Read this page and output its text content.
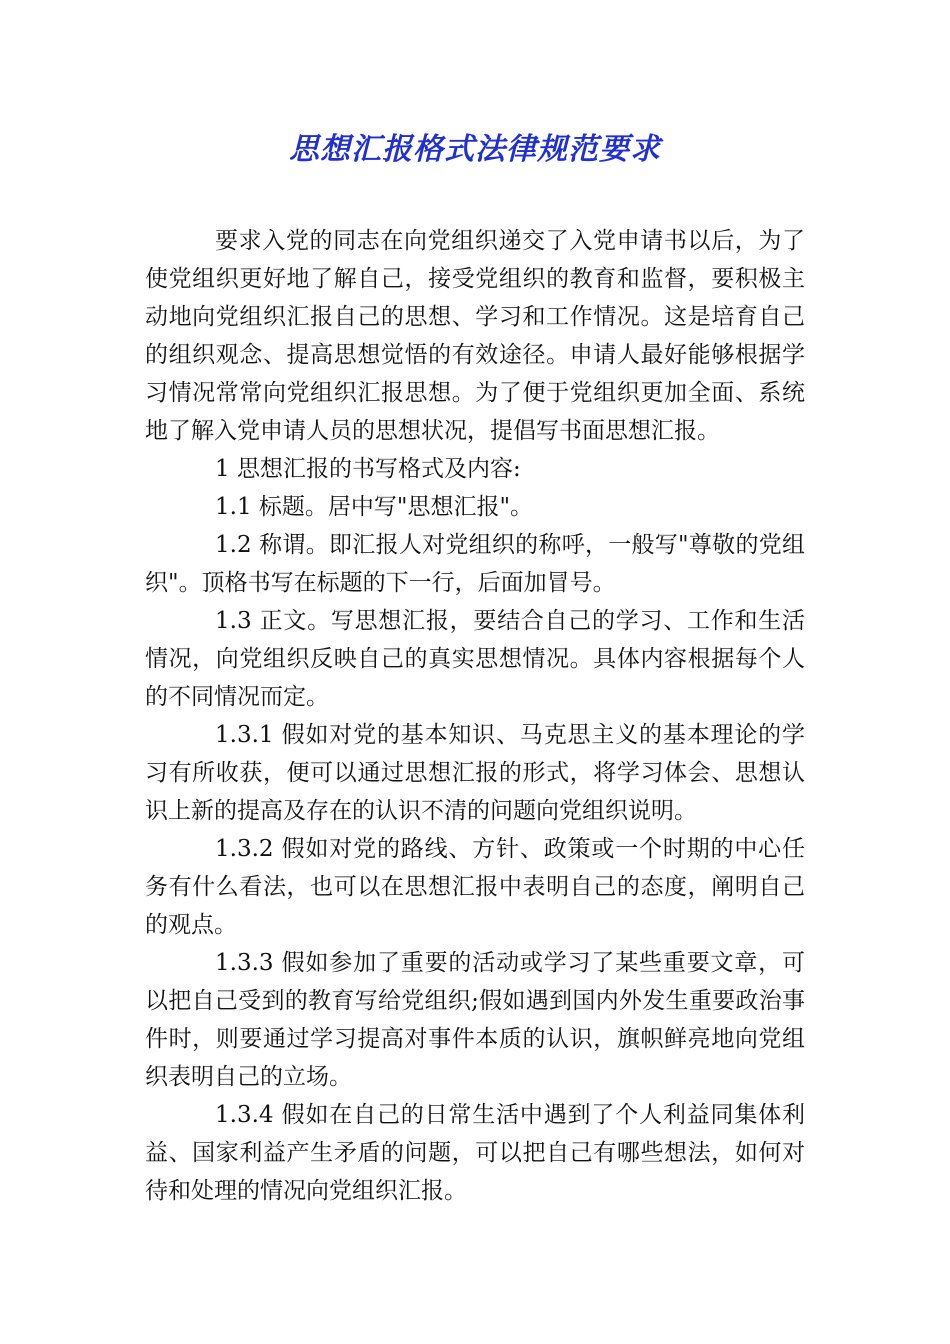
思想汇报格式法律规范要求

要求入党的同志在向党组织递交了入党申请书以后，为了使党组织更好地了解自己，接受党组织的教育和监督，要积极主动地向党组织汇报自己的思想、学习和工作情况。这是培育自己的组织观念、提高思想觉悟的有效途径。申请人最好能够根据学习情况常常向党组织汇报思想。为了便于党组织更加全面、系统地了解入党申请人员的思想状况，提倡写书面思想汇报。

1 思想汇报的书写格式及内容:

1.1 标题。居中写"思想汇报"。

1.2 称谓。即汇报人对党组织的称呼，一般写"尊敬的党组织"。顶格书写在标题的下一行，后面加冒号。

1.3 正文。写思想汇报，要结合自己的学习、工作和生活情况，向党组织反映自己的真实思想情况。具体内容根据每个人的不同情况而定。

1.3.1 假如对党的基本知识、马克思主义的基本理论的学习有所收获，便可以通过思想汇报的形式，将学习体会、思想认识上新的提高及存在的认识不清的问题向党组织说明。

1.3.2 假如对党的路线、方针、政策或一个时期的中心任务有什么看法，也可以在思想汇报中表明自己的态度，阐明自己的观点。

1.3.3 假如参加了重要的活动或学习了某些重要文章，可以把自己受到的教育写给党组织;假如遇到国内外发生重要政治事件时，则要通过学习提高对事件本质的认识，旗帜鲜亮地向党组织表明自己的立场。

1.3.4 假如在自己的日常生活中遇到了个人利益同集体利益、国家利益产生矛盾的问题，可以把自己有哪些想法，如何对待和处理的情况向党组织汇报。
